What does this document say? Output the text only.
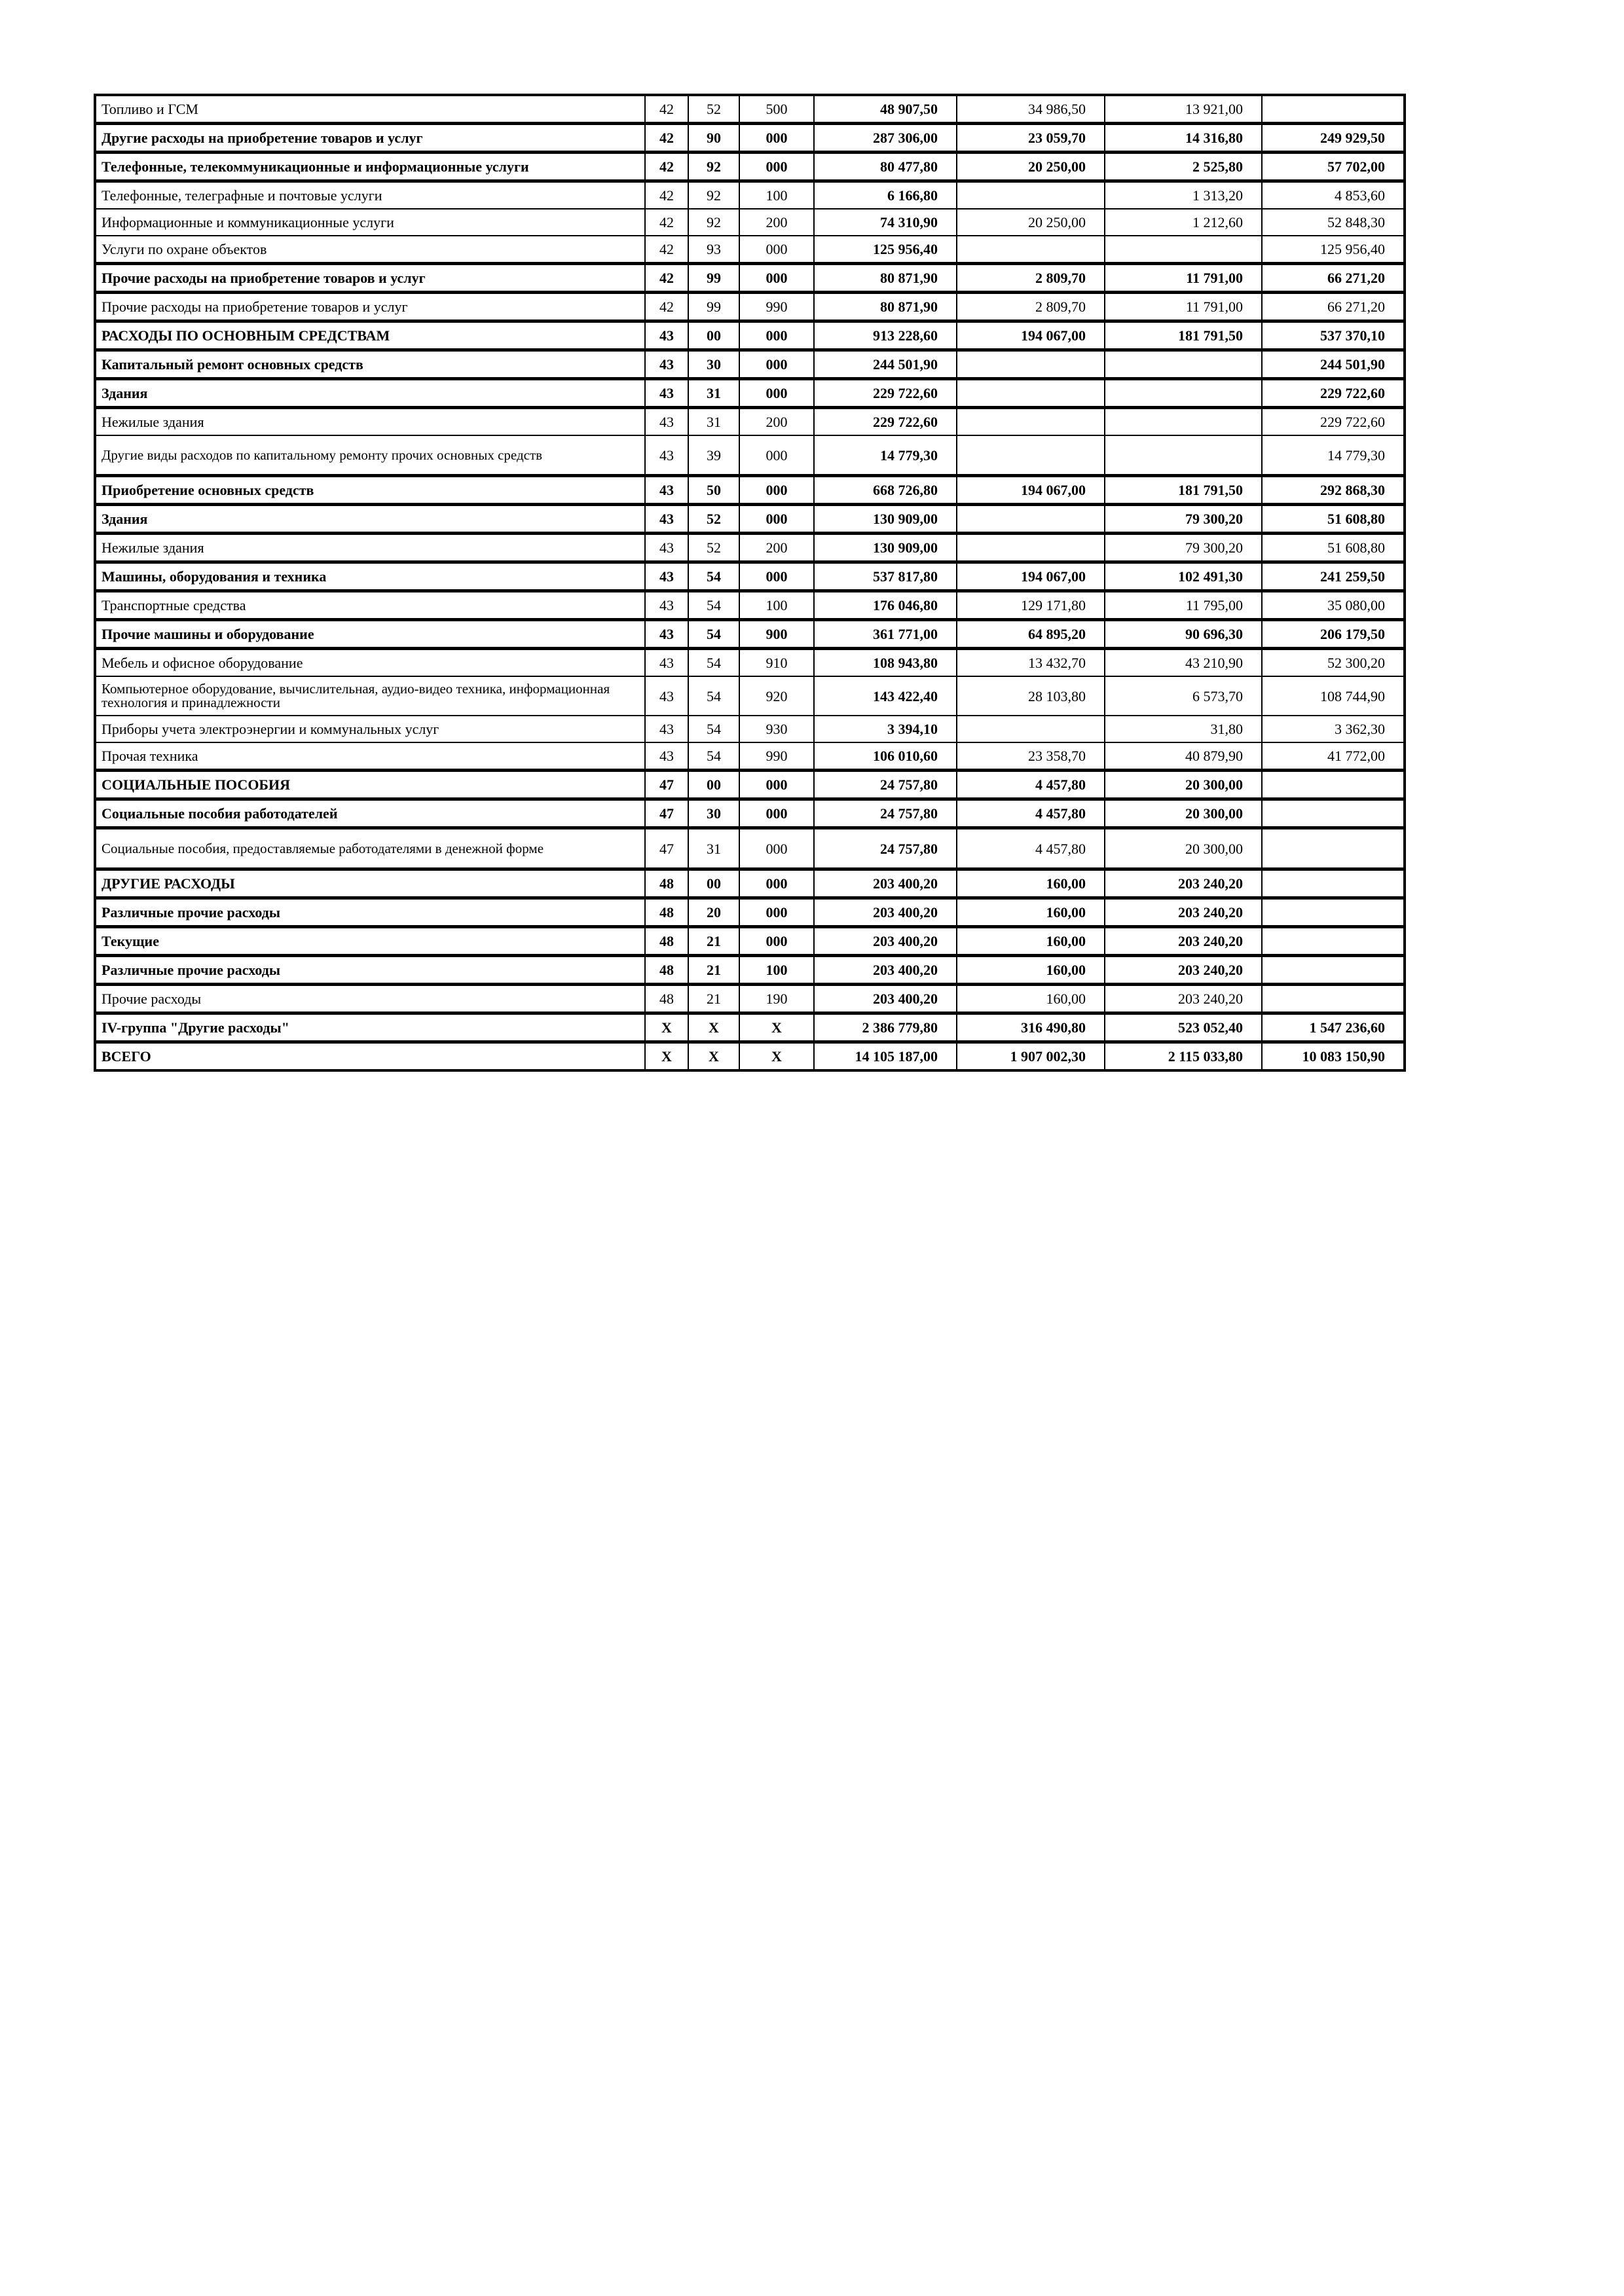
Топливо и ГСМ	42	52	500	48 907,50	34 986,50	13 921,00	
Другие расходы на приобретение товаров и услуг	42	90	000	287 306,00	23 059,70	14 316,80	249 929,50
Телефонные, телекоммуникационные и информационные услуги	42	92	000	80 477,80	20 250,00	2 525,80	57 702,00
Телефонные, телеграфные и почтовые услуги	42	92	100	6 166,80		1 313,20	4 853,60
Информационные и коммуникационные услуги	42	92	200	74 310,90	20 250,00	1 212,60	52 848,30
Услуги по охране объектов	42	93	000	125 956,40			125 956,40
Прочие расходы на приобретение товаров и услуг	42	99	000	80 871,90	2 809,70	11 791,00	66 271,20
Прочие расходы на приобретение товаров и услуг	42	99	990	80 871,90	2 809,70	11 791,00	66 271,20
РАСХОДЫ ПО ОСНОВНЫМ СРЕДСТВАМ	43	00	000	913 228,60	194 067,00	181 791,50	537 370,10
Капитальный ремонт основных средств	43	30	000	244 501,90			244 501,90
Здания	43	31	000	229 722,60			229 722,60
Нежилые здания	43	31	200	229 722,60			229 722,60
Другие виды расходов по капитальному ремонту прочих основных средств	43	39	000	14 779,30			14 779,30
Приобретение основных средств	43	50	000	668 726,80	194 067,00	181 791,50	292 868,30
Здания	43	52	000	130 909,00		79 300,20	51 608,80
Нежилые здания	43	52	200	130 909,00		79 300,20	51 608,80
Машины, оборудования и техника	43	54	000	537 817,80	194 067,00	102 491,30	241 259,50
Транспортные средства	43	54	100	176 046,80	129 171,80	11 795,00	35 080,00
Прочие машины и оборудование	43	54	900	361 771,00	64 895,20	90 696,30	206 179,50
Мебель и офисное оборудование	43	54	910	108 943,80	13 432,70	43 210,90	52 300,20
Компьютерное оборудование, вычислительная, аудио-видео техника, информационная технология и принадлежности	43	54	920	143 422,40	28 103,80	6 573,70	108 744,90
Приборы учета электроэнергии и коммунальных услуг	43	54	930	3 394,10		31,80	3 362,30
Прочая техника	43	54	990	106 010,60	23 358,70	40 879,90	41 772,00
СОЦИАЛЬНЫЕ ПОСОБИЯ	47	00	000	24 757,80	4 457,80	20 300,00	
Социальные пособия работодателей	47	30	000	24 757,80	4 457,80	20 300,00	
Социальные пособия, предоставляемые работодателями в денежной форме	47	31	000	24 757,80	4 457,80	20 300,00	
ДРУГИЕ РАСХОДЫ	48	00	000	203 400,20	160,00	203 240,20	
Различные прочие расходы	48	20	000	203 400,20	160,00	203 240,20	
Текущие	48	21	000	203 400,20	160,00	203 240,20	
Различные прочие расходы	48	21	100	203 400,20	160,00	203 240,20	
Прочие расходы	48	21	190	203 400,20	160,00	203 240,20	
IV-группа "Другие расходы"	X	X	X	2 386 779,80	316 490,80	523 052,40	1 547 236,60
ВСЕГО	X	X	X	14 105 187,00	1 907 002,30	2 115 033,80	10 083 150,90
